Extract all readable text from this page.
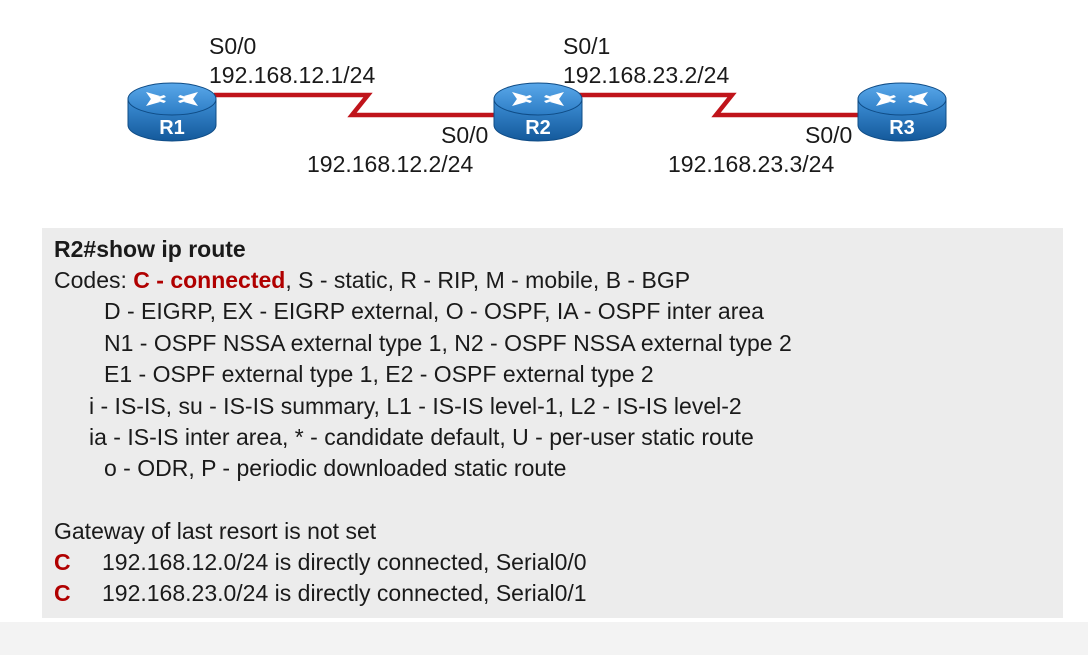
R1	R2	R3
S0/0
192.168.12.1/24
S0/0
192.168.12.2/24
S0/1
192.168.23.2/24
S0/0
192.168.23.3/24
R2#show ip route
Codes: C - connected, S - static, R - RIP, M - mobile, B - BGP
D - EIGRP, EX - EIGRP external, O - OSPF, IA - OSPF inter area
N1 - OSPF NSSA external type 1, N2 - OSPF NSSA external type 2
E1 - OSPF external type 1, E2 - OSPF external type 2
i - IS-IS, su - IS-IS summary, L1 - IS-IS level-1, L2 - IS-IS level-2
ia - IS-IS inter area, * - candidate default, U - per-user static route
o - ODR, P - periodic downloaded static route
Gateway of last resort is not set
C 192.168.12.0/24 is directly connected, Serial0/0
C 192.168.23.0/24 is directly connected, Serial0/1
